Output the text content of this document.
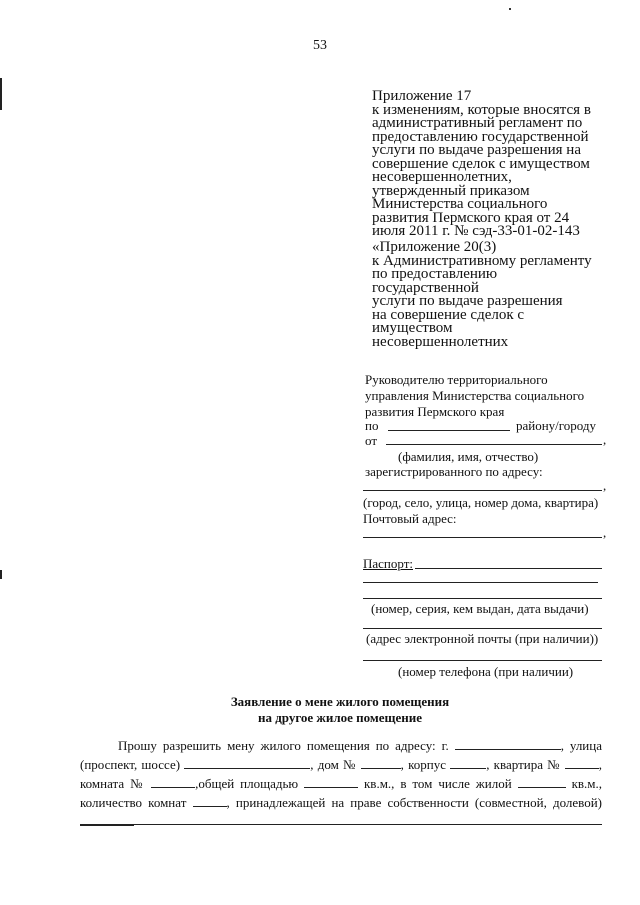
53
Приложение 17
к изменениям, которые вносятся в
административный регламент по
предоставлению государственной
услуги по выдаче разрешения на
совершение сделок с имуществом
несовершеннолетних,
утвержденный приказом
Министерства социального
развития Пермского края от 24
июля 2011 г. № сэд-33-01-02-143
«Приложение 20(3)
к Административному регламенту
по предоставлению
государственной
услуги по выдаче разрешения
на совершение сделок с
имуществом
несовершеннолетних
Руководителю территориального
управления Министерства социального
развития Пермского края
по	району/городу
от	,
(фамилия, имя, отчество)
зарегистрированного по адресу:
,
(город, село, улица, номер дома, квартира)
Почтовый адрес:
,
Паспорт:
(номер, серия, кем выдан, дата выдачи)
(адрес электронной почты (при наличии))
(номер телефона (при наличии)
Заявление о мене жилого помещения
на другое жилое помещение
Прошу разрешить мену жилого помещения по адресу: г.	, улица (проспект, шоссе)	, дом №	, корпус	, квартира №	, комната №	,общей площадью	кв.м., в том числе жилой	кв.м., количество комнат	, принадлежащей на праве собственности (совместной, долевой)
